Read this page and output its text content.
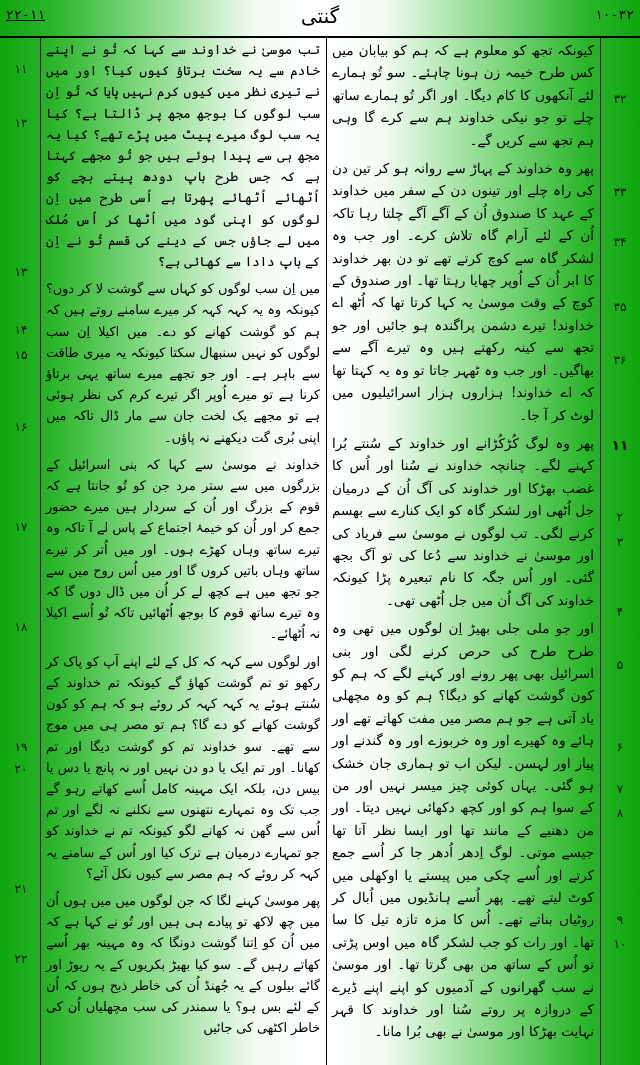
۲۲-۱۱	گنتی	۱۰-۳۲
۱۱
۱۲
۱۳
۱۴
۱۵
۱۶
۱۷
۱۸
۱۹
۲۰
۲۱
۲۲
۳۲
۳۳
۳۴
۳۵
۳۶
۱۱
۲
۳
۴
۵
۶
۷
۸
۹
۱۰

تب موسیٰ نے خداوند سے کہا کہ تُو نے اپنے خادم سے یہ سخت برتاؤ کیوں کیا؟ اور میں نے تیری نظر میں کیوں کرم نہیں پایا کہ تُو اِن سب لوگوں کا بوجھ مجھ پر ڈالتا ہے؟ کیا یہ سب لوگ میرے پیٹ میں پڑے تھے؟ کیا یہ مجھ ہی سے پیدا ہوئے ہیں جو تُو مجھے کہتا ہے کہ جس طرح باپ دودھ پیتے بچے کو اُٹھائے اُٹھائے پھرتا ہے اُسی طرح میں اِن لوگوں کو اپنی گود میں اُٹھا کر اُس مُلک میں لے جاؤں جس کے دینے کی قسم تُو نے اِن کے باپ دادا سے کھائی ہے؟

میں اِن سب لوگوں کو کہاں سے گوشت لا کر دوں؟ کیونکہ وہ یہ کہہ کہہ کر میرے سامنے روتے ہیں کہ ہم کو گوشت کھانے کو دے۔ میں اکیلا اِن سب لوگوں کو نہیں سنبھال سکتا کیونکہ یہ میری طاقت سے باہر ہے۔ اور جو تجھے میرے ساتھ یہی برتاؤ کرنا ہے تو میرے اُوپر اگر تیرے کرم کی نظر ہوئی ہے تو مجھے یک لخت جان سے مار ڈال تاکہ میں اپنی بُری گت دیکھنے نہ پاؤں۔

خداوند نے موسیٰ سے کہا کہ بنی اسرائیل کے بزرگوں میں سے ستر مرد جن کو تُو جانتا ہے کہ قوم کے بزرگ اور اُن کے سردار ہیں میرے حضور جمع کر اور اُن کو خیمۂ اجتماع کے پاس لے آ تاکہ وہ تیرے ساتھ وہاں کھڑے ہوں۔ اور میں اُتر کر تیرے ساتھ وہاں باتیں کروں گا اور میں اُس روح میں سے جو تجھ میں ہے کچھ لے کر اُن میں ڈال دوں گا کہ وہ تیرے ساتھ قوم کا بوجھ اُٹھائیں تاکہ تُو اُسے اکیلا نہ اُٹھائے۔

اور لوگوں سے کہہ کہ کل کے لئے اپنے آپ کو پاک کر رکھو تو تم گوشت کھاؤ گے کیونکہ تم خداوند کے سُنتے ہوئے یہ کہہ کہہ کر روئے ہو کہ ہم کو کون گوشت کھانے کو دے گا؟ ہم تو مصر ہی میں موج سے تھے۔ سو خداوند تم کو گوشت دیگا اور تم کھانا۔ اور تم ایک یا دو دن نہیں اور نہ پانچ یا دس یا بیس دن، بلکہ ایک مہینہ کامل اُسے کھاتے رہو گے جب تک وہ تمہارے نتھنوں سے نکلنے نہ لگے اور تم اُس سے گھن نہ کھانے لگو کیونکہ تم نے خداوند کو جو تمہارے درمیان ہے ترک کیا اور اُس کے سامنے یہ کہہ کر روئے کہ ہم مصر سے کیوں نکل آئے؟

پھر موسیٰ کہنے لگا کہ جن لوگوں میں میں ہوں اُن میں چھ لاکھ تو پیادے ہی ہیں اور تُو نے کہا ہے کہ میں اُن کو اِتنا گوشت دونگا کہ وہ مہینہ بھر اُسے کھاتے رہیں گے۔ سو کیا بھیڑ بکریوں کے یہ ریوڑ اور گائے بیلوں کے یہ جُھنڈ اُن کی خاطر ذبح ہوں کہ اُن کے لئے بس ہو؟ یا سمندر کی سب مچھلیاں اُن کی خاطر اکٹھی کی جائیں

کیونکہ تجھ کو معلوم ہے کہ ہم کو بیابان میں کس طرح خیمہ زن ہونا چاہئے۔ سو تُو ہمارے لئے آنکھوں کا کام دیگا۔ اور اگر تُو ہمارے ساتھ چلے تو جو نیکی خداوند ہم سے کرے گا وہی ہم تجھ سے کریں گے۔

پھر وہ خداوند کے پہاڑ سے روانہ ہو کر تین دن کی راہ چلے اور تینوں دن کے سفر میں خداوند کے عہد کا صندوق اُن کے آگے آگے چلتا رہا تاکہ اُن کے لئے آرام گاہ تلاش کرے۔ اور جب وہ لشکر گاہ سے کوچ کرتے تھے تو دن بھر خداوند کا ابر اُن کے اُوپر چھایا رہتا تھا۔ اور صندوق کے کوچ کے وقت موسیٰ یہ کہا کرتا تھا کہ اُٹھ اے خداوند! تیرے دشمن پراگندہ ہو جائیں اور جو تجھ سے کینہ رکھتے ہیں وہ تیرے آگے سے بھاگیں۔ اور جب وہ ٹھہر جاتا تو وہ یہ کہتا تھا کہ اے خداوند! ہزاروں ہزار اسرائیلیوں میں لوٹ کر آ جا۔

پھر وہ لوگ کُڑکُڑانے اور خداوند کے سُنتے بُرا کہنے لگے۔ چنانچہ خداوند نے سُنا اور اُس کا غضب بھڑکا اور خداوند کی آگ اُن کے درمیان جل اُٹھی اور لشکر گاہ کو ایک کنارے سے بھسم کرنے لگی۔ تب لوگوں نے موسیٰ سے فریاد کی اور موسیٰ نے خداوند سے دُعا کی تو آگ بجھ گئی۔ اور اُس جگہ کا نام تبعیرہ پڑا کیونکہ خداوند کی آگ اُن میں جل اُٹھی تھی۔

اور جو ملی جلی بھیڑ اِن لوگوں میں تھی وہ طرح طرح کی حرص کرنے لگی اور بنی اسرائیل بھی پھر رونے اور کہنے لگے کہ ہم کو کون گوشت کھانے کو دیگا؟ ہم کو وہ مچھلی یاد آتی ہے جو ہم مصر میں مفت کھاتے تھے اور ہائے وہ کھیرے اور وہ خربوزے اور وہ گندنے اور پیاز اور لہسن۔ لیکن اب تو ہماری جان خشک ہو گئی۔ یہاں کوئی چیز میسر نہیں اور من کے سوا ہم کو اور کچھ دکھائی نہیں دیتا۔ اور من دھنیے کے مانند تھا اور ایسا نظر آتا تھا جیسے موتی۔ لوگ اِدھر اُدھر جا کر اُسے جمع کرتے اور اُسے چکی میں پیستے یا اوکھلی میں کوٹ لیتے تھے۔ پھر اُسے ہانڈیوں میں اُبال کر روٹیاں بناتے تھے۔ اُس کا مزہ تازہ تیل کا سا تھا۔ اور رات کو جب لشکر گاہ میں اوس پڑتی تو اُس کے ساتھ من بھی گرتا تھا۔ اور موسیٰ نے سب گھرانوں کے آدمیوں کو اپنے اپنے ڈیرے کے دروازہ پر روتے سُنا اور خداوند کا قہر نہایت بھڑکا اور موسیٰ نے بھی بُرا مانا۔
